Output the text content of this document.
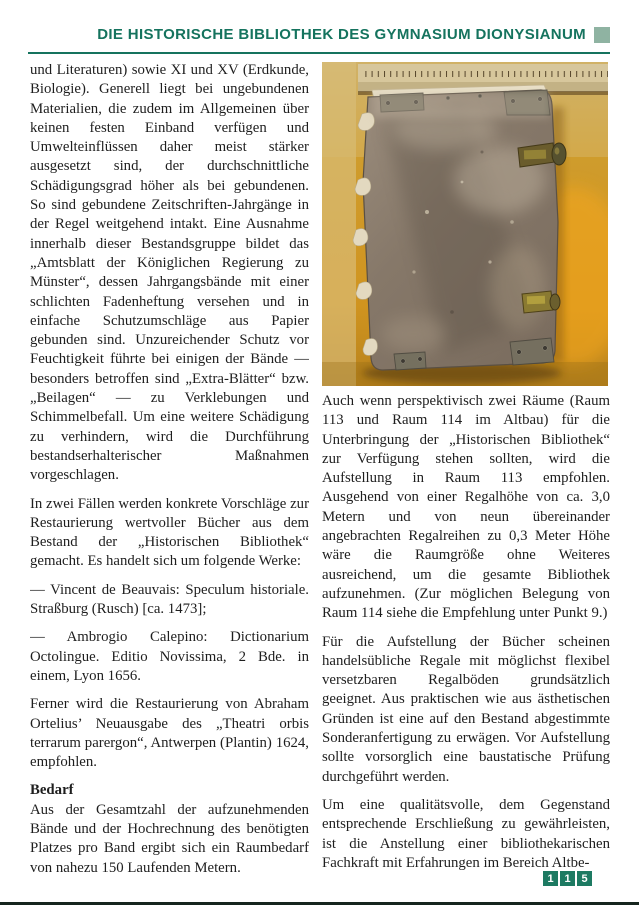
DIE HISTORISCHE BIBLIOTHEK DES GYMNASIUM DIONYSIANUM

und Literaturen) sowie XI und XV (Erdkunde, Biologie). Generell liegt bei ungebundenen Materialien, die zudem im Allgemeinen über keinen festen Einband verfügen und Umwelteinflüssen daher meist stärker ausgesetzt sind, der durchschnittliche Schädigungsgrad höher als bei gebundenen. So sind gebundene Zeitschriften-Jahrgänge in der Regel weitgehend intakt. Eine Ausnahme innerhalb dieser Bestandsgruppe bildet das „Amtsblatt der Königlichen Regierung zu Münster“, dessen Jahrgangsbände mit einer schlichten Fadenheftung versehen und in einfache Schutzumschläge aus Papier gebunden sind. Unzureichender Schutz vor Feuchtigkeit führte bei einigen der Bände — besonders betroffen sind „Extra-Blätter“ bzw. „Beilagen“ — zu Verklebungen und Schimmelbefall. Um eine weitere Schädigung zu verhindern, wird die Durchführung bestandserhalterischer Maßnahmen vorgeschlagen.

In zwei Fällen werden konkrete Vorschläge zur Restaurierung wertvoller Bücher aus dem Bestand der „Historischen Bibliothek“ gemacht. Es handelt sich um folgende Werke:

— Vincent de Beauvais: Speculum historiale. Straßburg (Rusch) [ca. 1473];

— Ambrogio Calepino: Dictionarium Octolingue. Editio Novissima, 2 Bde. in einem, Lyon 1656.

Ferner wird die Restaurierung von Abraham Ortelius’ Neuausgabe des „Theatri orbis terrarum parergon“, Antwerpen (Plantin) 1624, empfohlen.

Bedarf

Aus der Gesamtzahl der aufzunehmenden Bände und der Hochrechnung des benötigten Platzes pro Band ergibt sich ein Raumbedarf von nahezu 150 Laufenden Metern.

Auch wenn perspektivisch zwei Räume (Raum 113 und Raum 114 im Altbau) für die Unterbringung der „Historischen Bibliothek“ zur Verfügung stehen sollten, wird die Aufstellung in Raum 113 empfohlen. Ausgehend von einer Regalhöhe von ca. 3,0 Metern und von neun übereinander angebrachten Regalreihen zu 0,3 Meter Höhe wäre die Raumgröße ohne Weiteres ausreichend, um die gesamte Bibliothek aufzunehmen. (Zur möglichen Belegung von Raum 114 siehe die Empfehlung unter Punkt 9.)

Für die Aufstellung der Bücher scheinen handelsübliche Regale mit möglichst flexibel versetzbaren Regalböden grundsätzlich geeignet. Aus praktischen wie aus ästhetischen Gründen ist eine auf den Bestand abgestimmte Sonderanfertigung zu erwägen. Vor Aufstellung sollte vorsorglich eine baustatische Prüfung durchgeführt werden.

Um eine qualitätsvolle, dem Gegenstand entsprechende Erschließung zu gewährleisten, ist die Anstellung einer bibliothekarischen Fachkraft mit Erfahrungen im Bereich Altbe-

1 1 5
